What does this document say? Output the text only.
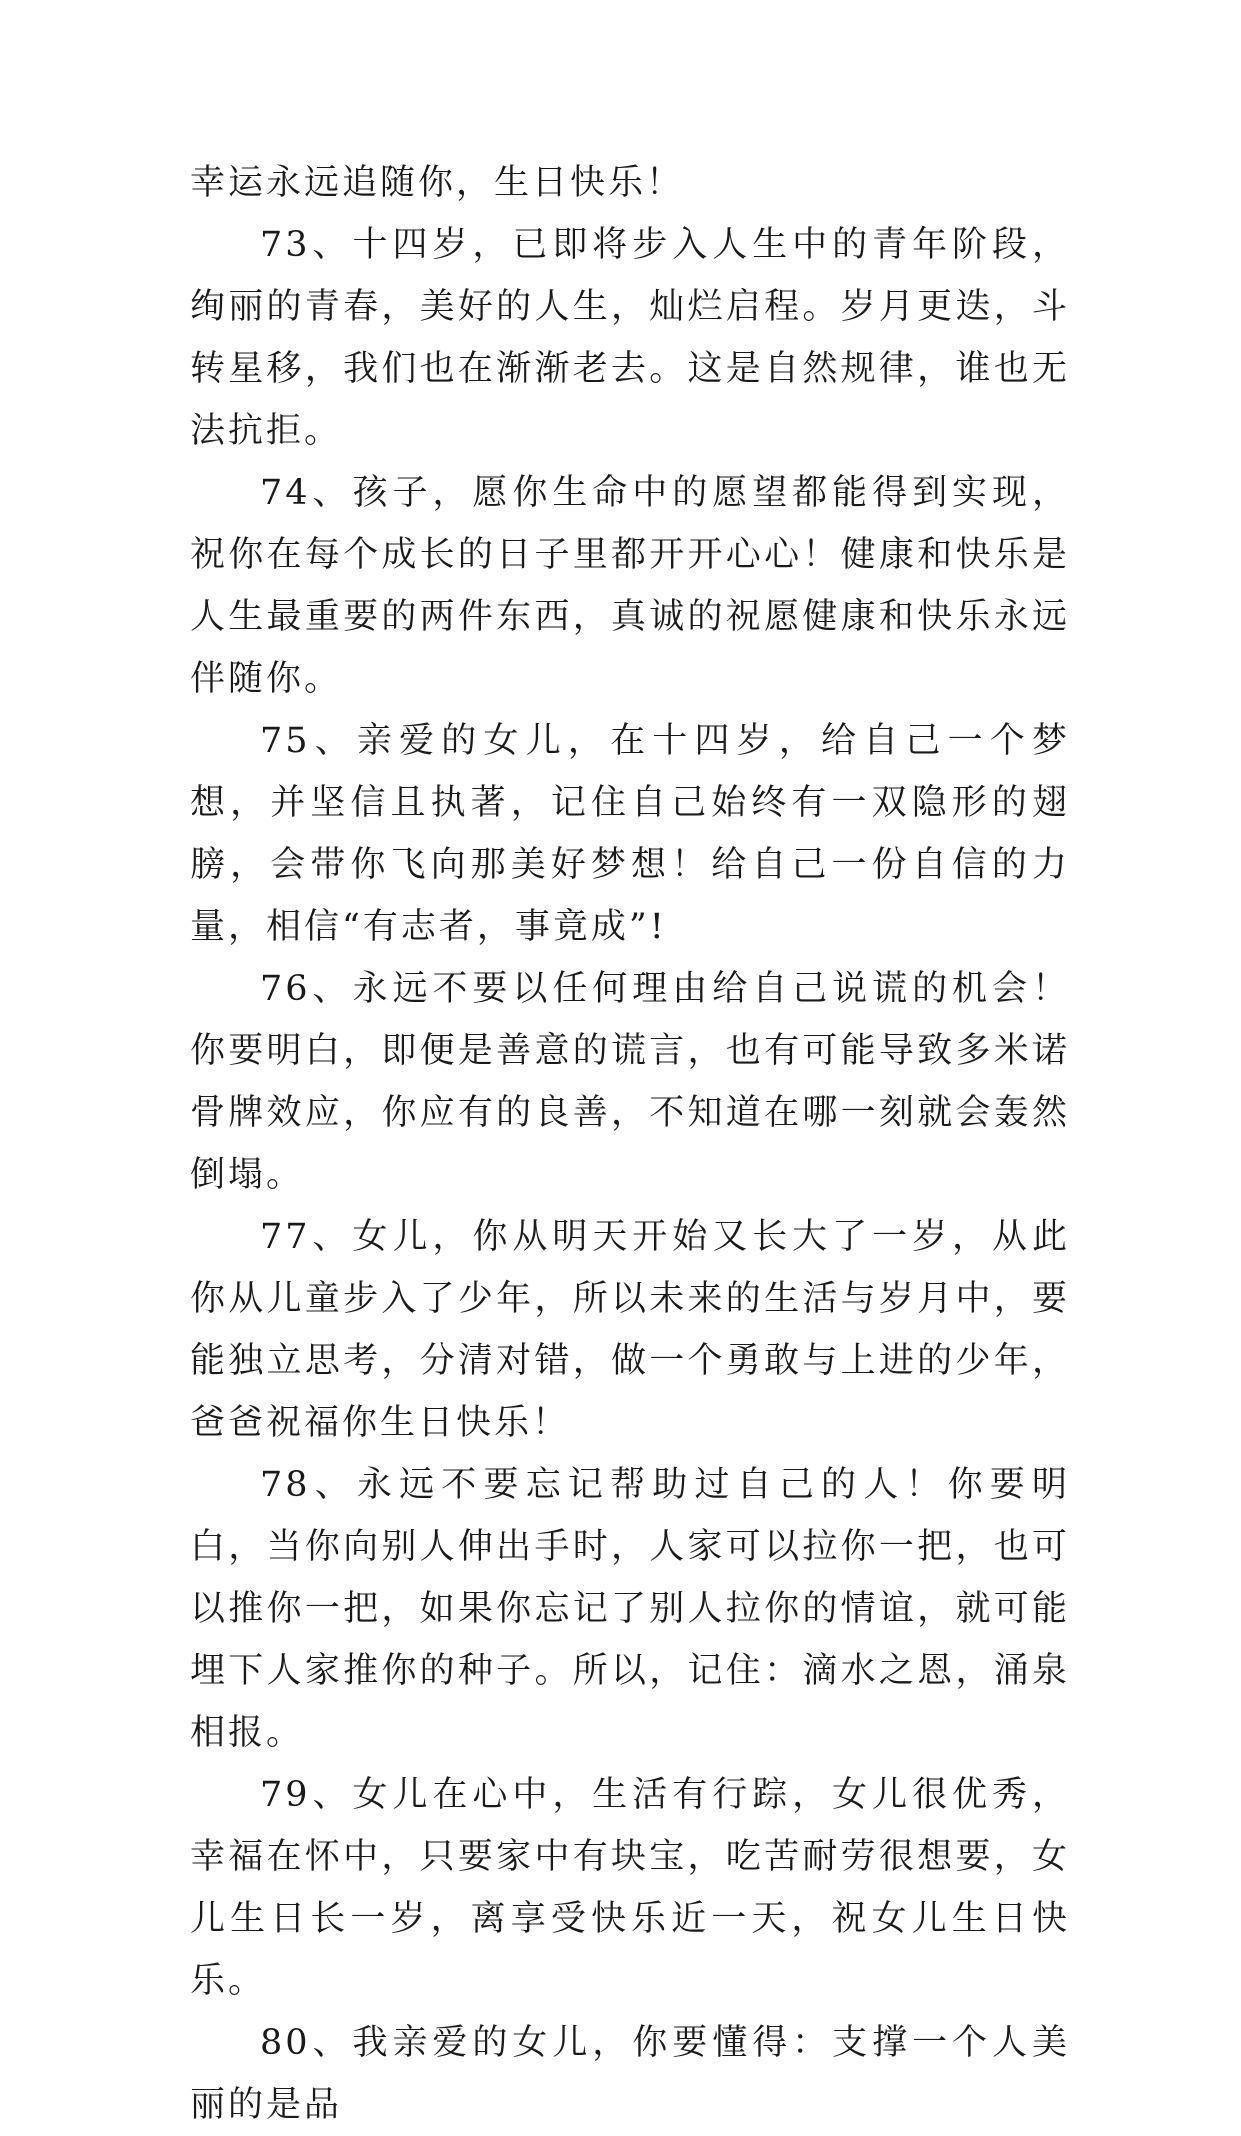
幸运永远追随你，生日快乐！

73、十四岁，已即将步入人生中的青年阶段，绚丽的青春，美好的人生，灿烂启程。岁月更迭，斗转星移，我们也在渐渐老去。这是自然规律，谁也无法抗拒。

74、孩子，愿你生命中的愿望都能得到实现，祝你在每个成长的日子里都开开心心！健康和快乐是人生最重要的两件东西，真诚的祝愿健康和快乐永远伴随你。

75、亲爱的女儿，在十四岁，给自己一个梦想，并坚信且执著，记住自己始终有一双隐形的翅膀，会带你飞向那美好梦想！给自己一份自信的力量，相信“有志者，事竟成”!

76、永远不要以任何理由给自己说谎的机会！你要明白，即便是善意的谎言，也有可能导致多米诺骨牌效应，你应有的良善，不知道在哪一刻就会轰然倒塌。

77、女儿，你从明天开始又长大了一岁，从此你从儿童步入了少年，所以未来的生活与岁月中，要能独立思考，分清对错，做一个勇敢与上进的少年，爸爸祝福你生日快乐！

78、永远不要忘记帮助过自己的人！你要明白，当你向别人伸出手时，人家可以拉你一把，也可以推你一把，如果你忘记了别人拉你的情谊，就可能埋下人家推你的种子。所以，记住：滴水之恩，涌泉相报。

79、女儿在心中，生活有行踪，女儿很优秀，幸福在怀中，只要家中有块宝，吃苦耐劳很想要，女儿生日长一岁，离享受快乐近一天，祝女儿生日快乐。

80、我亲爱的女儿，你要懂得：支撑一个人美丽的是品
